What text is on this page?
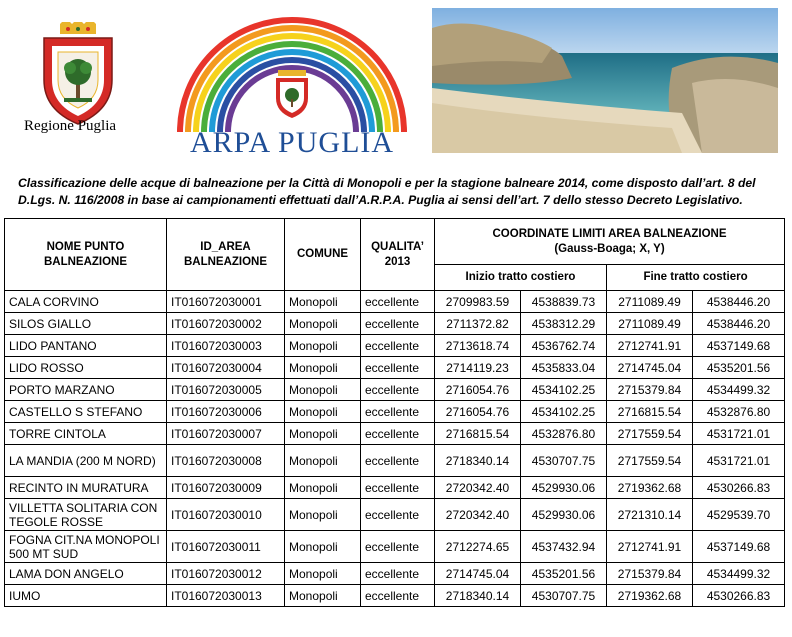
Regione Puglia	ARPA PUGLIA
Classificazione delle acque di balneazione per la Città di Monopoli e per la stagione balneare 2014, come disposto dall’art. 8 del
D.Lgs. N. 116/2008 in base ai campionamenti effettuati dall’A.R.P.A. Puglia ai sensi dell’art. 7 dello stesso Decreto Legislativo.
NOME PUNTO BALNEAZIONE	ID_AREA BALNEAZIONE	COMUNE	QUALITA’ 2013	COORDINATE LIMITI AREA BALNEAZIONE
(Gauss-Boaga; X, Y)			

				Inizio tratto costiero		Fine tratto costiero	
CALA CORVINO	IT016072030001	Monopoli	eccellente	2709983.59	4538839.73	2711089.49	4538446.20
SILOS GIALLO	IT016072030002	Monopoli	eccellente	2711372.82	4538312.29	2711089.49	4538446.20
LIDO PANTANO	IT016072030003	Monopoli	eccellente	2713618.74	4536762.74	2712741.91	4537149.68
LIDO ROSSO	IT016072030004	Monopoli	eccellente	2714119.23	4535833.04	2714745.04	4535201.56
PORTO MARZANO	IT016072030005	Monopoli	eccellente	2716054.76	4534102.25	2715379.84	4534499.32
CASTELLO S STEFANO	IT016072030006	Monopoli	eccellente	2716054.76	4534102.25	2716815.54	4532876.80
TORRE CINTOLA	IT016072030007	Monopoli	eccellente	2716815.54	4532876.80	2717559.54	4531721.01
LA MANDIA (200 M NORD)	IT016072030008	Monopoli	eccellente	2718340.14	4530707.75	2717559.54	4531721.01
RECINTO IN MURATURA	IT016072030009	Monopoli	eccellente	2720342.40	4529930.06	2719362.68	4530266.83
VILLETTA SOLITARIA CON TEGOLE ROSSE	IT016072030010	Monopoli	eccellente	2720342.40	4529930.06	2721310.14	4529539.70
FOGNA CIT.NA MONOPOLI 500 MT SUD	IT016072030011	Monopoli	eccellente	2712274.65	4537432.94	2712741.91	4537149.68
LAMA DON ANGELO	IT016072030012	Monopoli	eccellente	2714745.04	4535201.56	2715379.84	4534499.32
IUMO	IT016072030013	Monopoli	eccellente	2718340.14	4530707.75	2719362.68	4530266.83
